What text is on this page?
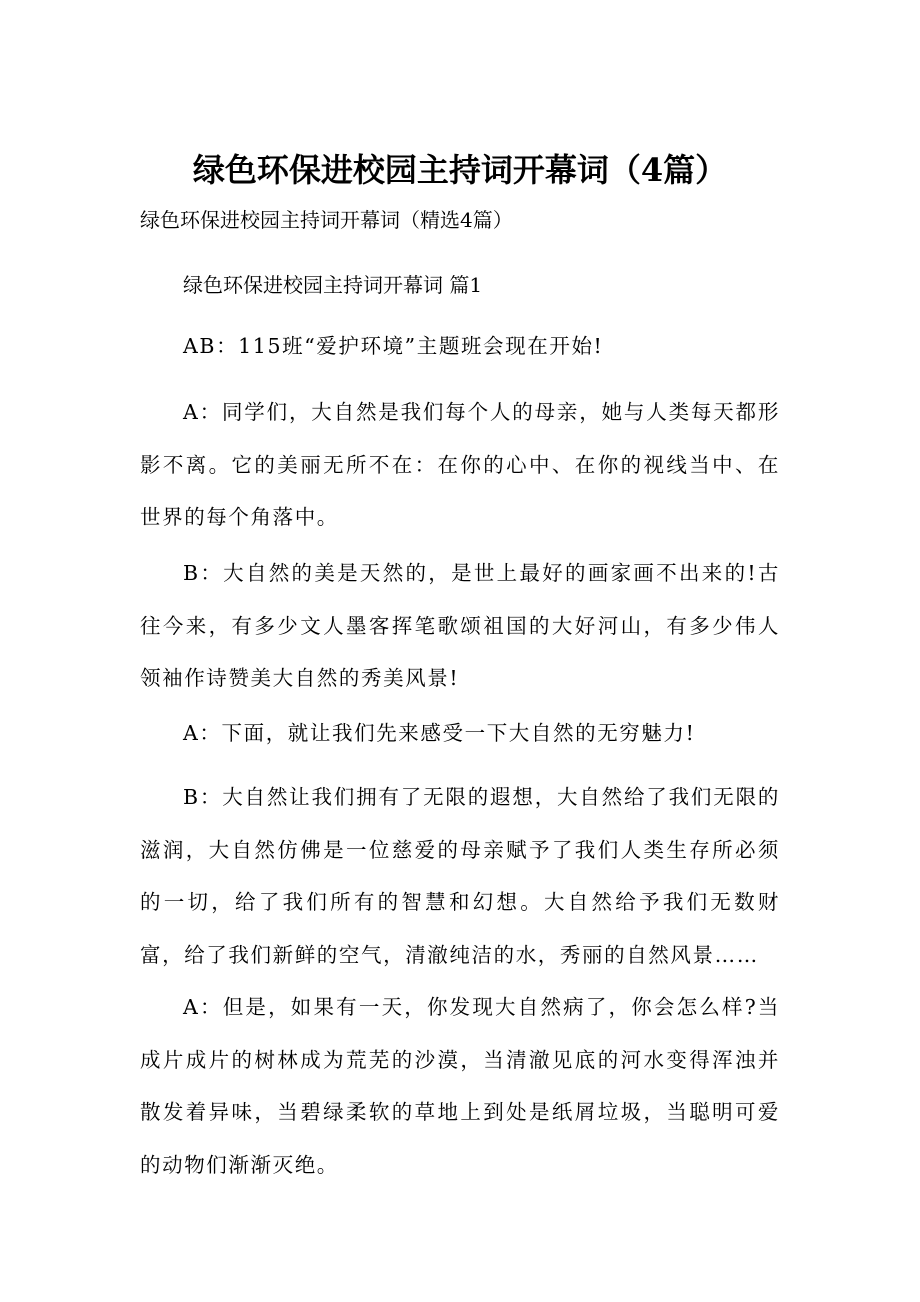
绿色环保进校园主持词开幕词（4篇）
绿色环保进校园主持词开幕词（精选4篇）
绿色环保进校园主持词开幕词 篇1
AB：115班“爱护环境”主题班会现在开始!
A：同学们，大自然是我们每个人的母亲，她与人类每天都形影不离。它的美丽无所不在：在你的心中、在你的视线当中、在世界的每个角落中。
B：大自然的美是天然的，是世上最好的画家画不出来的!古往今来，有多少文人墨客挥笔歌颂祖国的大好河山，有多少伟人领袖作诗赞美大自然的秀美风景!
A：下面，就让我们先来感受一下大自然的无穷魅力!
B：大自然让我们拥有了无限的遐想，大自然给了我们无限的滋润，大自然仿佛是一位慈爱的母亲赋予了我们人类生存所必须的一切，给了我们所有的智慧和幻想。大自然给予我们无数财富，给了我们新鲜的空气，清澈纯洁的水，秀丽的自然风景……
A：但是，如果有一天，你发现大自然病了，你会怎么样?当成片成片的树林成为荒芜的沙漠，当清澈见底的河水变得浑浊并散发着异味，当碧绿柔软的草地上到处是纸屑垃圾，当聪明可爱的动物们渐渐灭绝。
